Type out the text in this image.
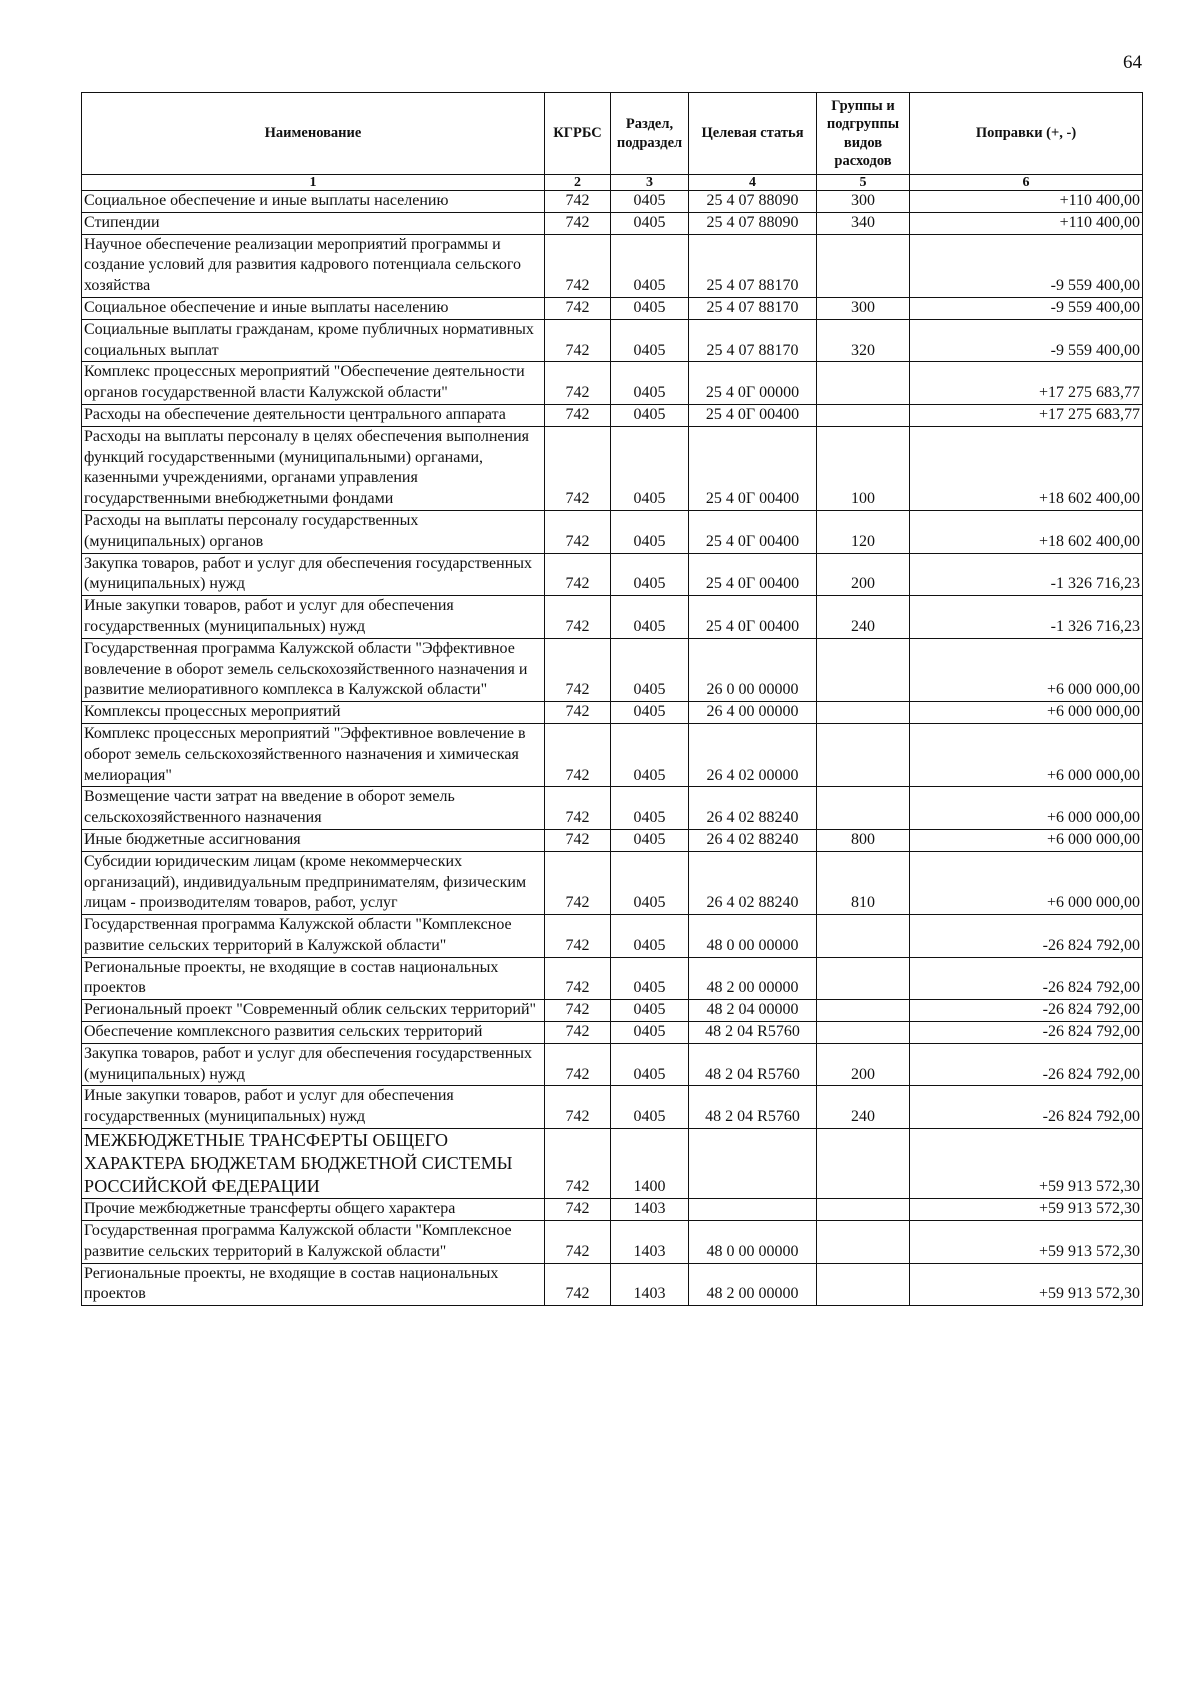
64
Наименование	КГРБС	Раздел, подраздел	Целевая статья	Группы и подгруппы видов расходов	Поправки (+, -)
1	2	3	4	5	6
Социальное обеспечение и иные выплаты населению	742	0405	25 4 07 88090	300	+110 400,00
Стипендии	742	0405	25 4 07 88090	340	+110 400,00
Научное обеспечение реализации мероприятий программы и создание условий для развития кадрового потенциала сельского хозяйства	742	0405	25 4 07 88170		-9 559 400,00
Социальное обеспечение и иные выплаты населению	742	0405	25 4 07 88170	300	-9 559 400,00
Социальные выплаты гражданам, кроме публичных нормативных социальных выплат	742	0405	25 4 07 88170	320	-9 559 400,00
Комплекс процессных мероприятий "Обеспечение деятельности органов государственной власти Калужской области"	742	0405	25 4 0Г 00000		+17 275 683,77
Расходы на обеспечение деятельности центрального аппарата	742	0405	25 4 0Г 00400		+17 275 683,77
Расходы на выплаты персоналу в целях обеспечения выполнения функций государственными (муниципальными) органами, казенными учреждениями, органами управления государственными внебюджетными фондами	742	0405	25 4 0Г 00400	100	+18 602 400,00
Расходы на выплаты персоналу государственных (муниципальных) органов	742	0405	25 4 0Г 00400	120	+18 602 400,00
Закупка товаров, работ и услуг для обеспечения государственных (муниципальных) нужд	742	0405	25 4 0Г 00400	200	-1 326 716,23
Иные закупки товаров, работ и услуг для обеспечения государственных (муниципальных) нужд	742	0405	25 4 0Г 00400	240	-1 326 716,23
Государственная программа Калужской области "Эффективное вовлечение в оборот земель сельскохозяйственного назначения и развитие мелиоративного комплекса в Калужской области"	742	0405	26 0 00 00000		+6 000 000,00
Комплексы процессных мероприятий	742	0405	26 4 00 00000		+6 000 000,00
Комплекс процессных мероприятий "Эффективное вовлечение в оборот земель сельскохозяйственного назначения и химическая мелиорация"	742	0405	26 4 02 00000		+6 000 000,00
Возмещение части затрат на введение в оборот земель сельскохозяйственного назначения	742	0405	26 4 02 88240		+6 000 000,00
Иные бюджетные ассигнования	742	0405	26 4 02 88240	800	+6 000 000,00
Субсидии юридическим лицам (кроме некоммерческих организаций), индивидуальным предпринимателям, физическим лицам - производителям товаров, работ, услуг	742	0405	26 4 02 88240	810	+6 000 000,00
Государственная программа Калужской области "Комплексное развитие сельских территорий в Калужской области"	742	0405	48 0 00 00000		-26 824 792,00
Региональные проекты, не входящие в состав национальных проектов	742	0405	48 2 00 00000		-26 824 792,00
Региональный проект "Современный облик сельских территорий"	742	0405	48 2 04 00000		-26 824 792,00
Обеспечение комплексного развития сельских территорий	742	0405	48 2 04 R5760		-26 824 792,00
Закупка товаров, работ и услуг для обеспечения государственных (муниципальных) нужд	742	0405	48 2 04 R5760	200	-26 824 792,00
Иные закупки товаров, работ и услуг для обеспечения государственных (муниципальных) нужд	742	0405	48 2 04 R5760	240	-26 824 792,00
МЕЖБЮДЖЕТНЫЕ ТРАНСФЕРТЫ ОБЩЕГО ХАРАКТЕРА БЮДЖЕТАМ БЮДЖЕТНОЙ СИСТЕМЫ РОССИЙСКОЙ ФЕДЕРАЦИИ	742	1400			+59 913 572,30
Прочие межбюджетные трансферты общего характера	742	1403			+59 913 572,30
Государственная программа Калужской области "Комплексное развитие сельских территорий в Калужской области"	742	1403	48 0 00 00000		+59 913 572,30
Региональные проекты, не входящие в состав национальных проектов	742	1403	48 2 00 00000		+59 913 572,30
